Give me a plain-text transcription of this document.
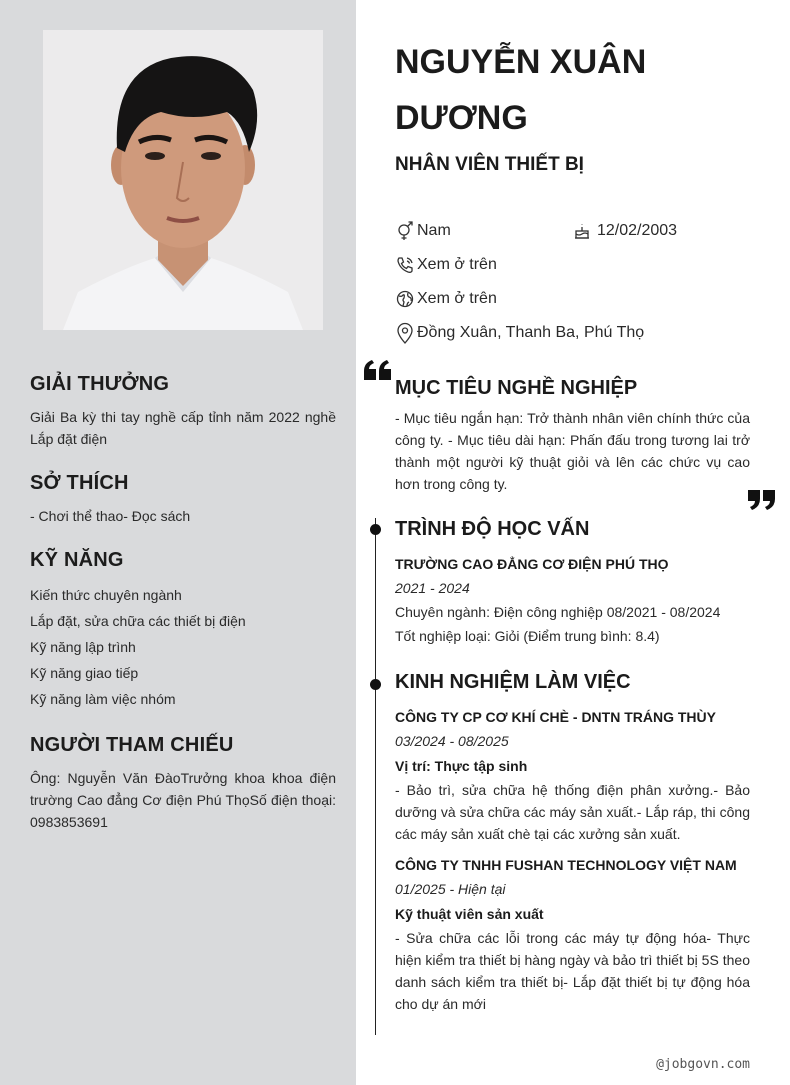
GIẢI THƯỞNG
Giải Ba kỳ thi tay nghề cấp tỉnh năm 2022 nghề Lắp đặt điện
SỞ THÍCH
- Chơi thể thao- Đọc sách
KỸ NĂNG
Kiến thức chuyên ngành
Lắp đặt, sửa chữa các thiết bị điện
Kỹ năng lập trình
Kỹ năng giao tiếp
Kỹ năng làm việc nhóm
NGƯỜI THAM CHIẾU
Ông: Nguyễn Văn ĐàoTrưởng khoa khoa điện trường Cao đẳng Cơ điện Phú ThọSố điện thoại: 0983853691
NGUYỄN XUÂN DƯƠNG
NHÂN VIÊN THIẾT BỊ
Nam	12/02/2003
Xem ở trên
Xem ở trên
Đồng Xuân, Thanh Ba, Phú Thọ
MỤC TIÊU NGHỀ NGHIỆP
- Mục tiêu ngắn hạn: Trở thành nhân viên chính thức của công ty. - Mục tiêu dài hạn: Phấn đấu trong tương lai trở thành một người kỹ thuật giỏi và lên các chức vụ cao hơn trong công ty.
TRÌNH ĐỘ HỌC VẤN
TRƯỜNG CAO ĐẲNG CƠ ĐIỆN PHÚ THỌ
2021 - 2024
Chuyên ngành: Điện công nghiệp 08/2021 - 08/2024
Tốt nghiệp loại: Giỏi (Điểm trung bình: 8.4)
KINH NGHIỆM LÀM VIỆC
CÔNG TY CP CƠ KHÍ CHÈ - DNTN TRÁNG THÙY
03/2024 - 08/2025
Vị trí: Thực tập sinh
- Bảo trì, sửa chữa hệ thống điện phân xưởng.- Bảo dưỡng và sửa chữa các máy sản xuất.- Lắp ráp, thi công các máy sản xuất chè tại các xưởng sản xuất.
CÔNG TY TNHH FUSHAN TECHNOLOGY VIỆT NAM
01/2025 - Hiện tại
Kỹ thuật viên sản xuất
- Sửa chữa các lỗi trong các máy tự động hóa- Thực hiện kiểm tra thiết bị hàng ngày và bảo trì thiết bị 5S theo danh sách kiểm tra thiết bị- Lắp đặt thiết bị tự động hóa cho dự án mới
@jobgovn.com
